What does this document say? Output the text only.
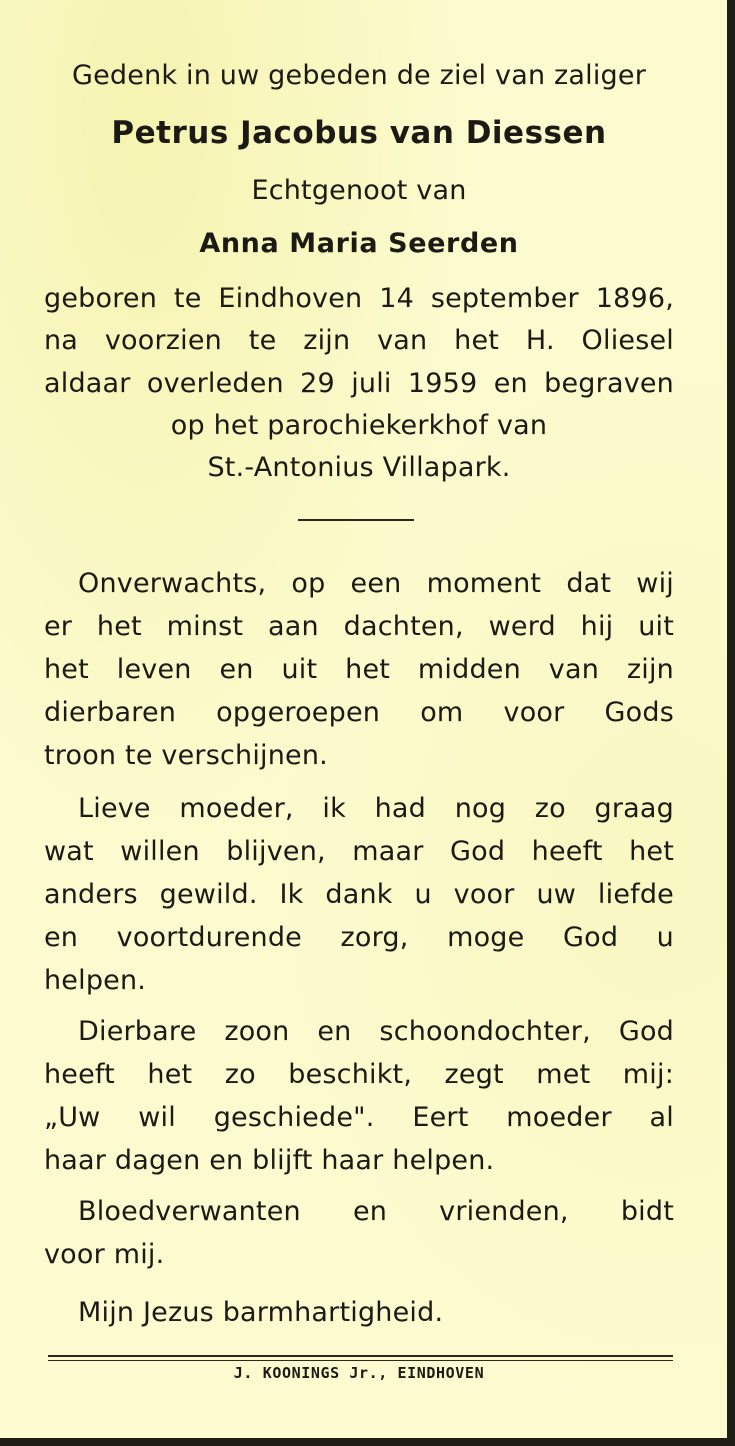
Gedenk in uw gebeden de ziel van zaliger
Petrus Jacobus van Diessen
Echtgenoot van
Anna Maria Seerden
geboren te Eindhoven 14 september 1896,
na voorzien te zijn van het H. Oliesel
aldaar overleden 29 juli 1959 en begraven
op het parochiekerkhof van
St.-Antonius Villapark.
Onverwachts, op een moment dat wij
er het minst aan dachten, werd hij uit
het leven en uit het midden van zijn
dierbaren opgeroepen om voor Gods
troon te verschijnen.
Lieve moeder, ik had nog zo graag
wat willen blijven, maar God heeft het
anders gewild. Ik dank u voor uw liefde
en voortdurende zorg, moge God u
helpen.
Dierbare zoon en schoondochter, God
heeft het zo beschikt, zegt met mij:
„Uw wil geschiede". Eert moeder al
haar dagen en blijft haar helpen.
Bloedverwanten en vrienden, bidt
voor mij.
Mijn Jezus barmhartigheid.
J. KOONINGS Jr., EINDHOVEN
